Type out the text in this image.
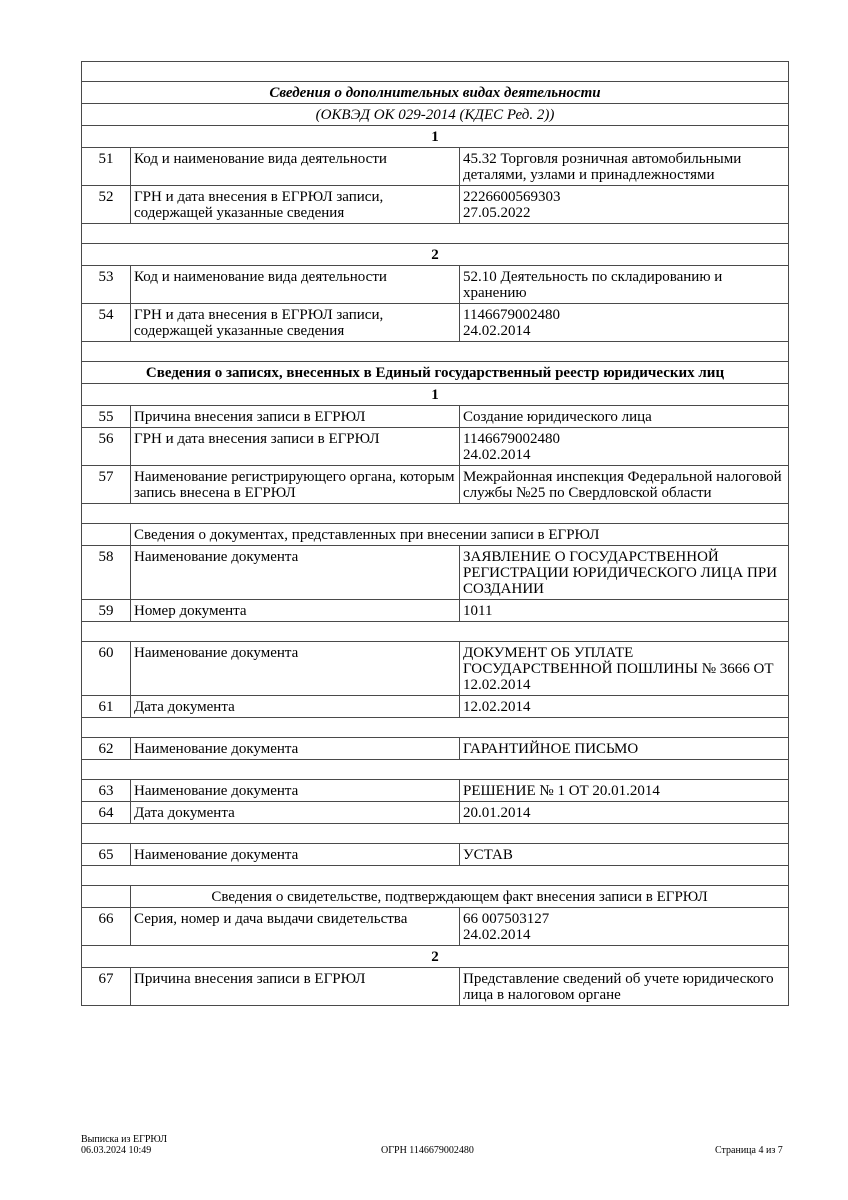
Сведения о дополнительных видах деятельности		
(ОКВЭД ОК 029-2014 (КДЕС Ред. 2))		
1		
51	Код и наименование вида деятельности	45.32 Торговля розничная автомобильными деталями, узлами и принадлежностями
52	ГРН и дата внесения в ЕГРЮЛ записи, содержащей указанные сведения	2226600569303
27.05.2022

2		
53	Код и наименование вида деятельности	52.10 Деятельность по складированию и хранению
54	ГРН и дата внесения в ЕГРЮЛ записи, содержащей указанные сведения	1146679002480
24.02.2014

Сведения о записях, внесенных в Единый государственный реестр юридических лиц		
1		
55	Причина внесения записи в ЕГРЮЛ	Создание юридического лица
56	ГРН и дата внесения записи в ЕГРЮЛ	1146679002480
24.02.2014

57	Наименование регистрирующего органа, которым запись внесена в ЕГРЮЛ	Межрайонная инспекция Федеральной налоговой службы №25 по Свердловской области

	Сведения о документах, представленных при внесении записи в ЕГРЮЛ	
58	Наименование документа	ЗАЯВЛЕНИЕ О ГОСУДАРСТВЕННОЙ РЕГИСТРАЦИИ ЮРИДИЧЕСКОГО ЛИЦА ПРИ СОЗДАНИИ
59	Номер документа	1011

60	Наименование документа	ДОКУМЕНТ ОБ УПЛАТЕ ГОСУДАРСТВЕННОЙ ПОШЛИНЫ № 3666 ОТ 12.02.2014
61	Дата документа	12.02.2014

62	Наименование документа	ГАРАНТИЙНОЕ ПИСЬМО

63	Наименование документа	РЕШЕНИЕ № 1 ОТ 20.01.2014
64	Дата документа	20.01.2014

65	Наименование документа	УСТАВ

	Сведения о свидетельстве, подтверждающем факт внесения записи в ЕГРЮЛ	
66	Серия, номер и дача выдачи свидетельства	66 007503127
24.02.2014

2		
67	Причина внесения записи в ЕГРЮЛ	Представление сведений об учете юридического лица в налоговом органе
Выписка из ЕГРЮЛ
06.03.2024 10:49	ОГРН 1146679002480	Страница 4 из 7
